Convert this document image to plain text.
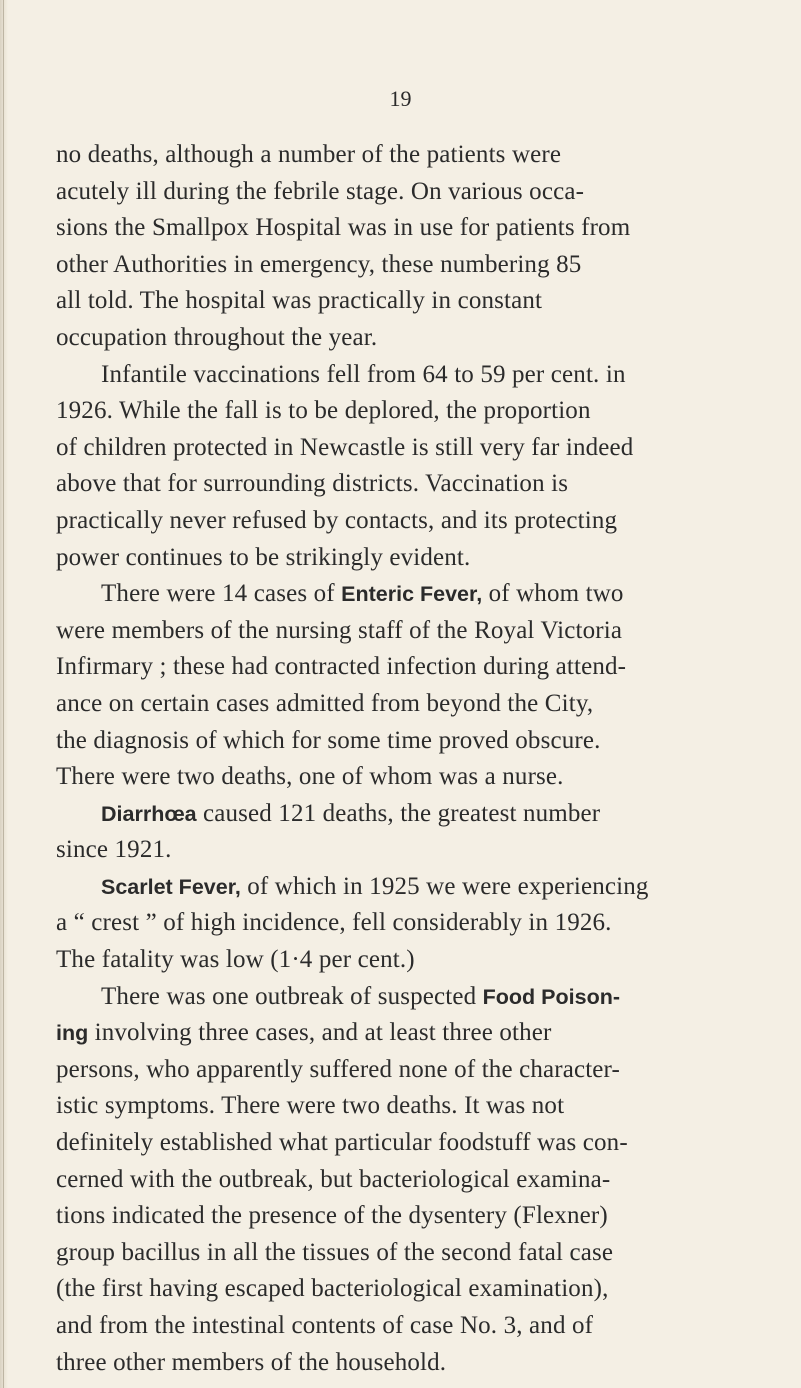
19
no deaths, although a number of the patients were
acutely ill during the febrile stage. On various occa-
sions the Smallpox Hospital was in use for patients from
other Authorities in emergency, these numbering 85
all told. The hospital was practically in constant
occupation throughout the year.
Infantile vaccinations fell from 64 to 59 per cent. in
1926. While the fall is to be deplored, the proportion
of children protected in Newcastle is still very far indeed
above that for surrounding districts. Vaccination is
practically never refused by contacts, and its protecting
power continues to be strikingly evident.
There were 14 cases of Enteric Fever, of whom two
were members of the nursing staff of the Royal Victoria
Infirmary ; these had contracted infection during attend-
ance on certain cases admitted from beyond the City,
the diagnosis of which for some time proved obscure.
There were two deaths, one of whom was a nurse.
Diarrhœa caused 121 deaths, the greatest number
since 1921.
Scarlet Fever, of which in 1925 we were experiencing
a “ crest ” of high incidence, fell considerably in 1926.
The fatality was low (1·4 per cent.)
There was one outbreak of suspected Food Poison-
ing involving three cases, and at least three other
persons, who apparently suffered none of the character-
istic symptoms. There were two deaths. It was not
definitely established what particular foodstuff was con-
cerned with the outbreak, but bacteriological examina-
tions indicated the presence of the dysentery (Flexner)
group bacillus in all the tissues of the second fatal case
(the first having escaped bacteriological examination),
and from the intestinal contents of case No. 3, and of
three other members of the household.
